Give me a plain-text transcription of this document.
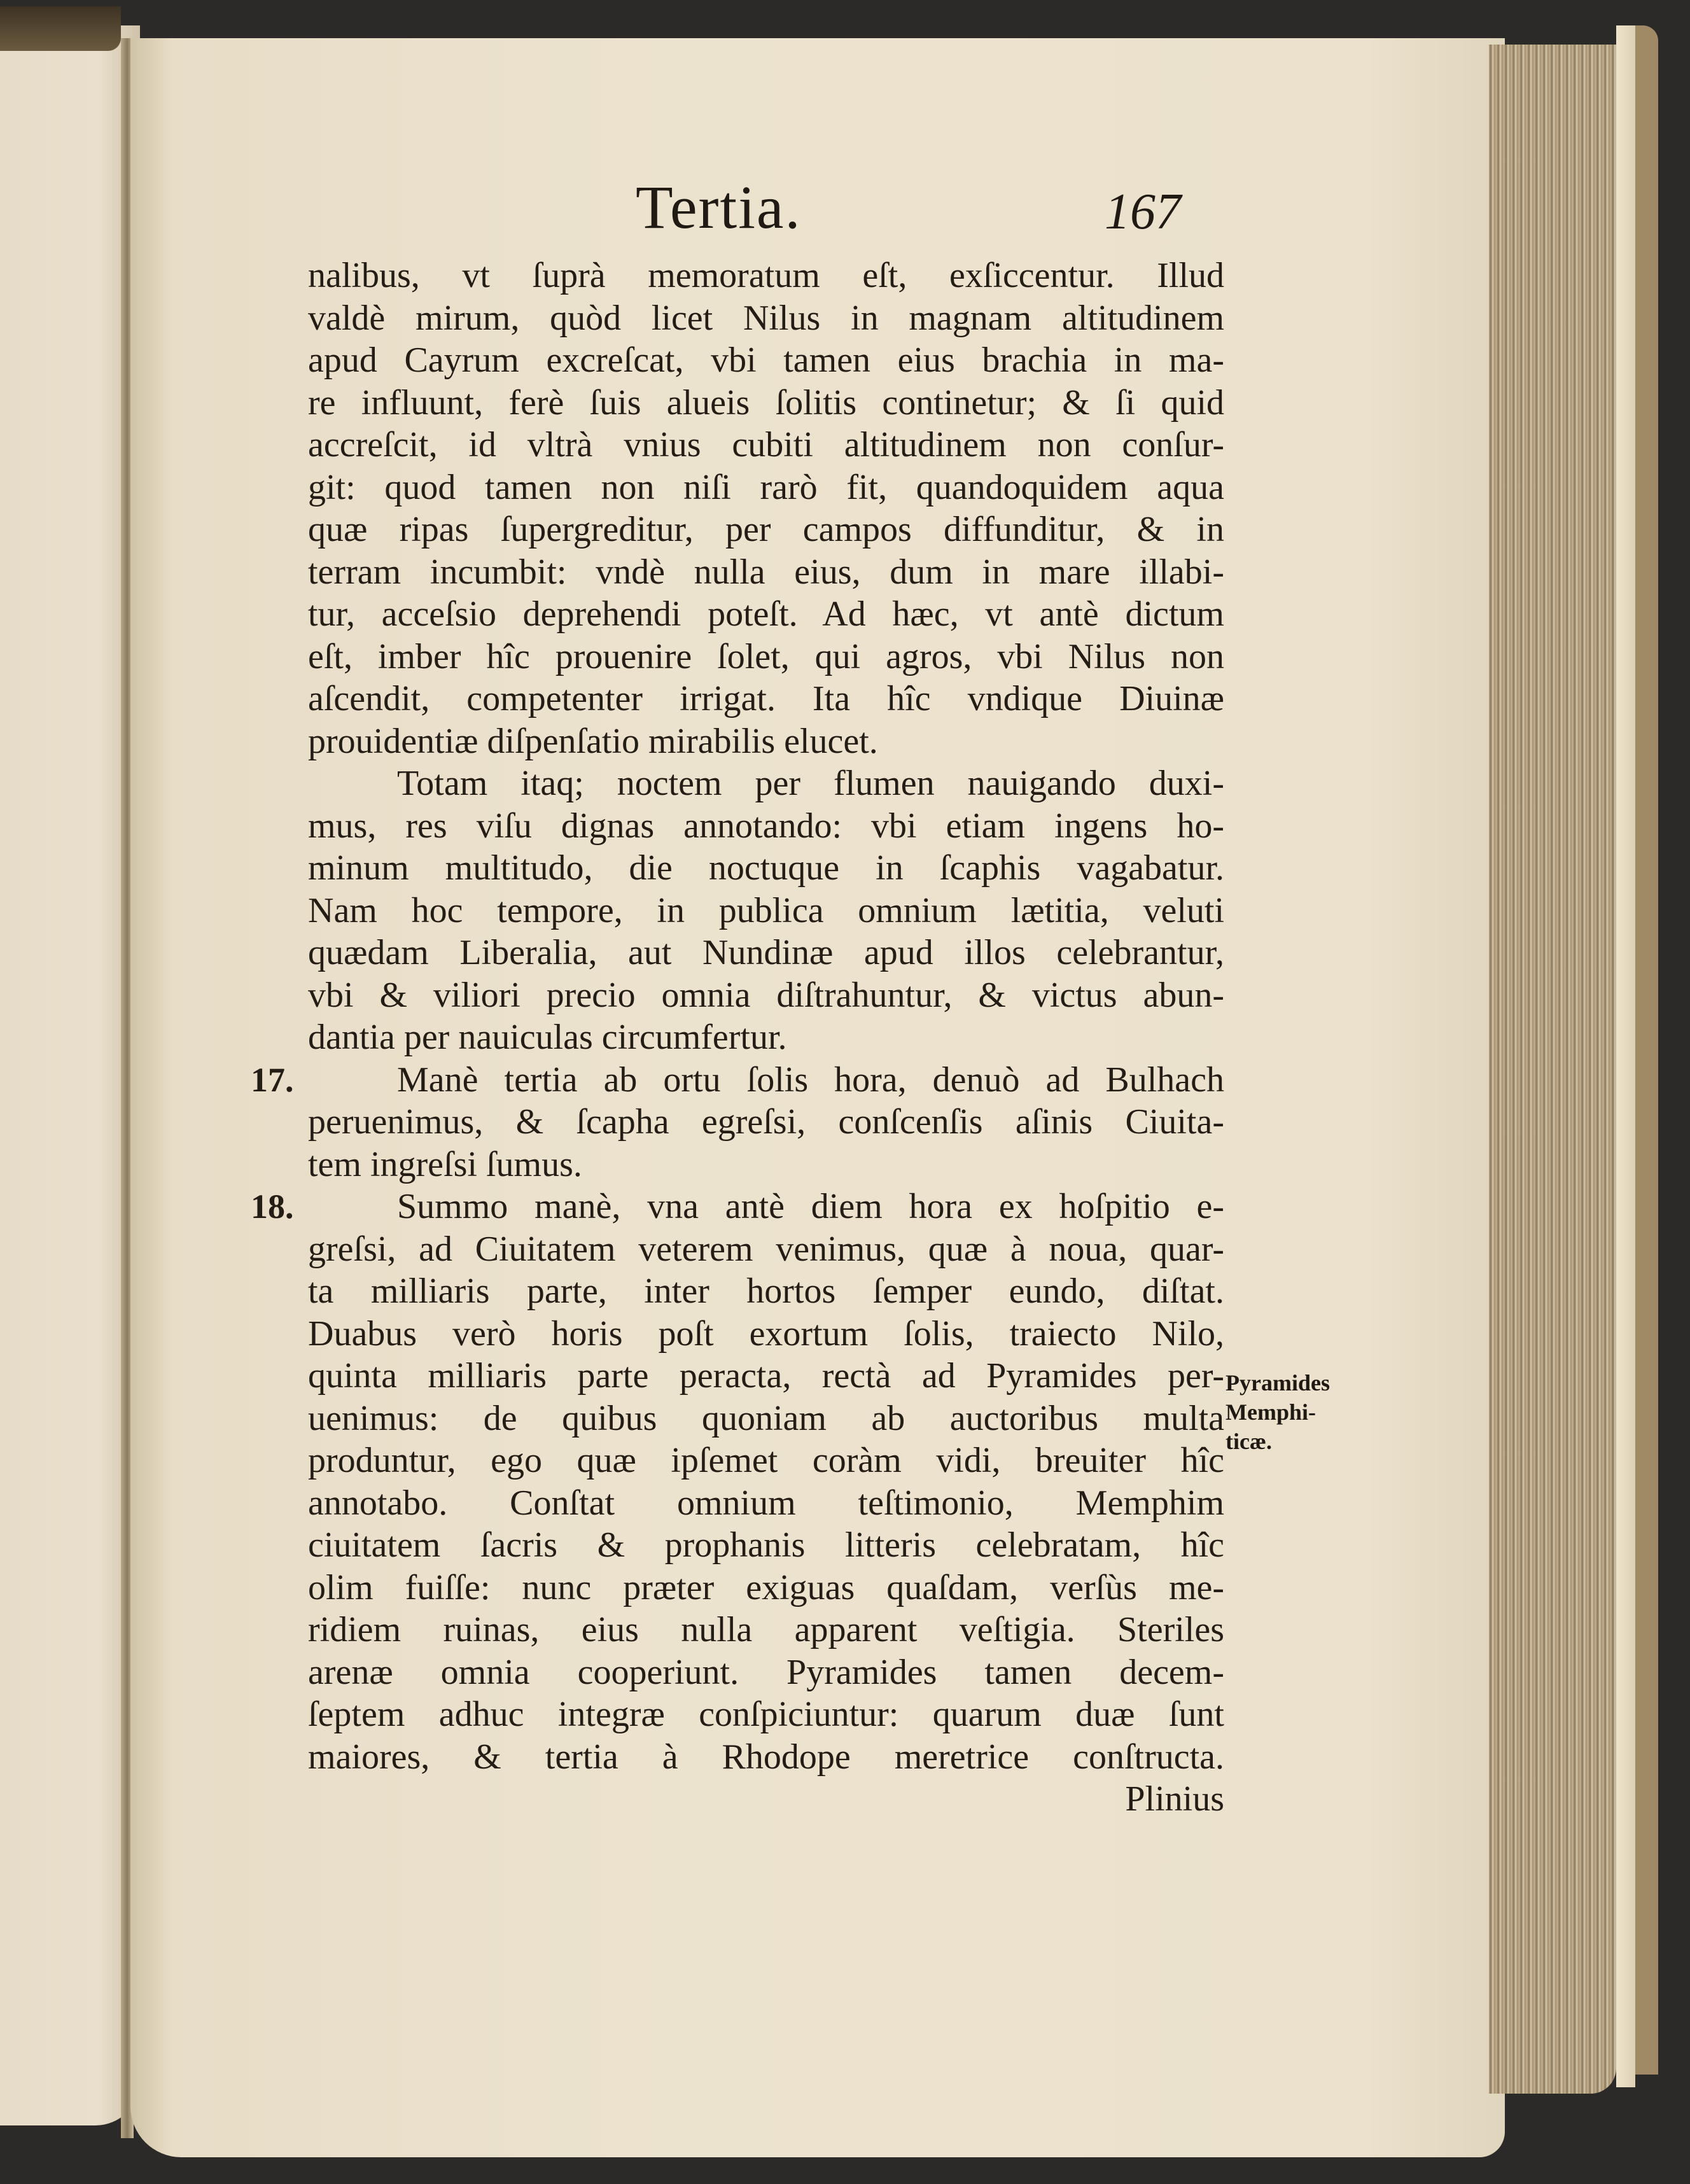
Tertia.	167
nalibus, vt ſuprà memoratum eſt, exſiccentur. Illud
valdè mirum, quòd licet Nilus in magnam altitudinem
apud Cayrum excreſcat, vbi tamen eius brachia in ma-
re influunt, ferè ſuis alueis ſolitis continetur; & ſi quid
accreſcit, id vltrà vnius cubiti altitudinem non conſur-
git: quod tamen non niſi rarò fit, quandoquidem aqua
quæ ripas ſupergreditur, per campos diffunditur, & in
terram incumbit: vndè nulla eius, dum in mare illabi-
tur, acceſsio deprehendi poteſt. Ad hæc, vt antè dictum
eſt, imber hîc prouenire ſolet, qui agros, vbi Nilus non
aſcendit, competenter irrigat. Ita hîc vndique Diuinæ
prouidentiæ diſpenſatio mirabilis elucet.
Totam itaq; noctem per flumen nauigando duxi-
mus, res viſu dignas annotando: vbi etiam ingens ho-
minum multitudo, die noctuque in ſcaphis vagabatur.
Nam hoc tempore, in publica omnium lætitia, veluti
quædam Liberalia, aut Nundinæ apud illos celebrantur,
vbi & viliori precio omnia diſtrahuntur, & victus abun-
dantia per nauiculas circumfertur.
17.	Manè tertia ab ortu ſolis hora, denuò ad Bulhach
peruenimus, & ſcapha egreſsi, conſcenſis aſinis Ciuita-
tem ingreſsi ſumus.
18.	Summo manè, vna antè diem hora ex hoſpitio e-
greſsi, ad Ciuitatem veterem venimus, quæ à noua, quar-
ta milliaris parte, inter hortos ſemper eundo, diſtat.
Duabus verò horis poſt exortum ſolis, traiecto Nilo,
quinta milliaris parte peracta, rectà ad Pyramides per-
uenimus: de quibus quoniam ab auctoribus multa
produntur, ego quæ ipſemet coràm vidi, breuiter hîc
annotabo. Conſtat omnium teſtimonio, Memphim
ciuitatem ſacris & prophanis litteris celebratam, hîc
olim fuiſſe: nunc præter exiguas quaſdam, verſùs me-
ridiem ruinas, eius nulla apparent veſtigia. Steriles
arenæ omnia cooperiunt. Pyramides tamen decem-
ſeptem adhuc integræ conſpiciuntur: quarum duæ ſunt
maiores, & tertia à Rhodope meretrice conſtructa.
Plinius
Pyramides
Memphi-
ticæ.
